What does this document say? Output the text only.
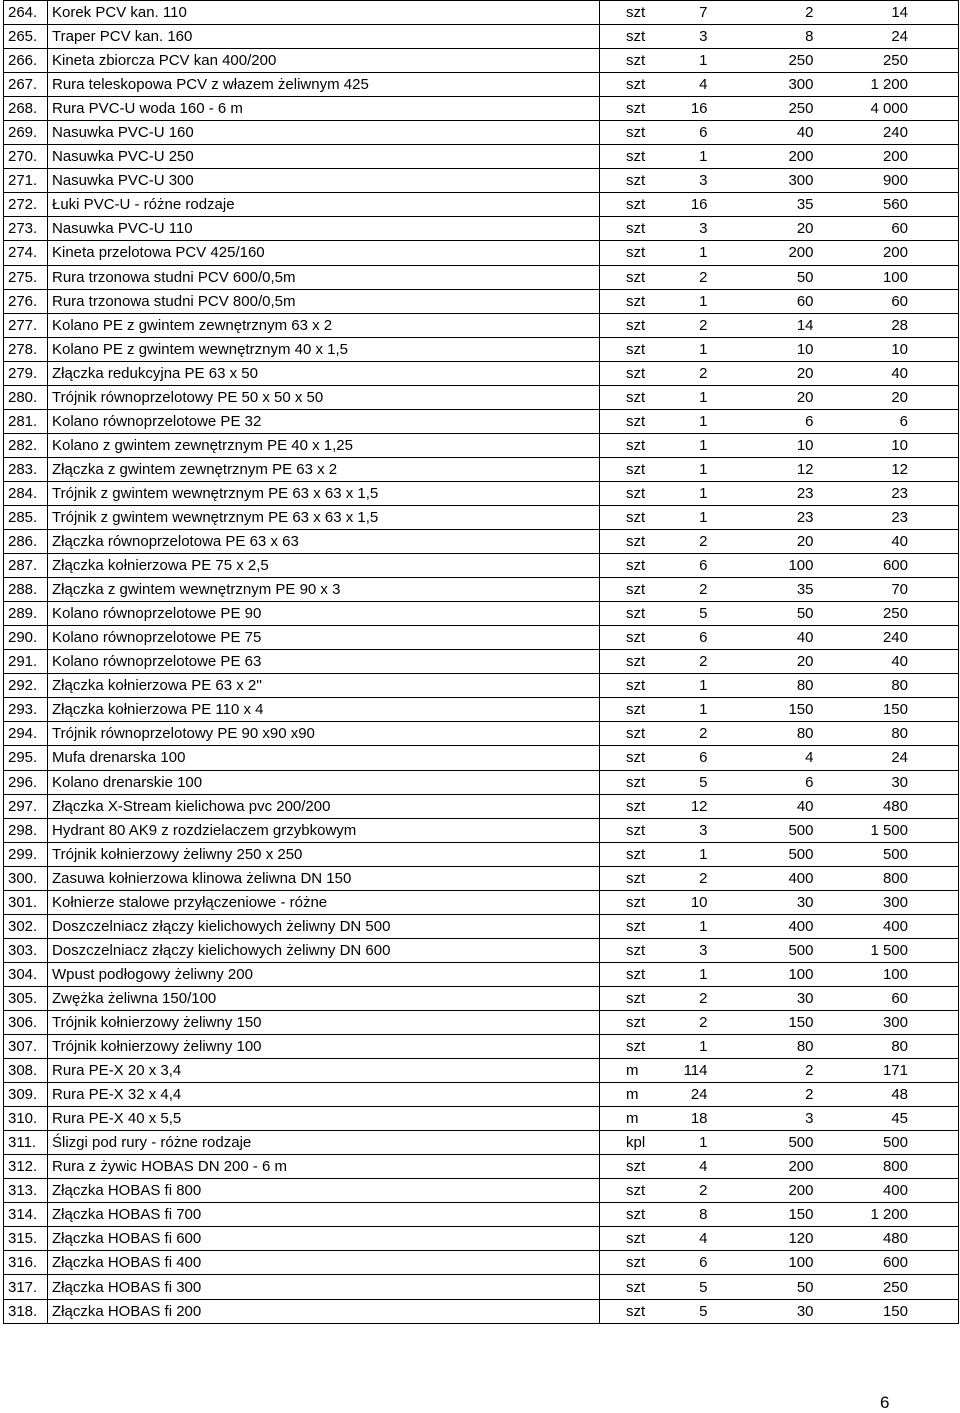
264.	Korek PCV kan. 110	szt	7	2	14
265.	Traper PCV kan. 160	szt	3	8	24
266.	Kineta zbiorcza PCV kan 400/200	szt	1	250	250
267.	Rura teleskopowa PCV z włazem żeliwnym 425	szt	4	300	1 200
268.	Rura PVC-U woda 160 - 6 m	szt	16	250	4 000
269.	Nasuwka PVC-U 160	szt	6	40	240
270.	Nasuwka PVC-U 250	szt	1	200	200
271.	Nasuwka PVC-U 300	szt	3	300	900
272.	Łuki PVC-U - różne rodzaje	szt	16	35	560
273.	Nasuwka PVC-U 110	szt	3	20	60
274.	Kineta przelotowa PCV 425/160	szt	1	200	200
275.	Rura trzonowa studni PCV 600/0,5m	szt	2	50	100
276.	Rura trzonowa studni PCV 800/0,5m	szt	1	60	60
277.	Kolano PE z gwintem zewnętrznym 63 x 2	szt	2	14	28
278.	Kolano PE z gwintem wewnętrznym 40 x 1,5	szt	1	10	10
279.	Złączka redukcyjna PE 63 x 50	szt	2	20	40
280.	Trójnik równoprzelotowy PE 50 x 50 x 50	szt	1	20	20
281.	Kolano równoprzelotowe PE 32	szt	1	6	6
282.	Kolano z gwintem zewnętrznym PE 40 x 1,25	szt	1	10	10
283.	Złączka z gwintem zewnętrznym PE 63 x 2	szt	1	12	12
284.	Trójnik z gwintem wewnętrznym PE 63 x 63 x 1,5	szt	1	23	23
285.	Trójnik z gwintem wewnętrznym PE 63 x 63 x 1,5	szt	1	23	23
286.	Złączka równoprzelotowa PE 63 x 63	szt	2	20	40
287.	Złączka kołnierzowa PE 75 x 2,5	szt	6	100	600
288.	Złączka z gwintem wewnętrznym PE 90 x 3	szt	2	35	70
289.	Kolano równoprzelotowe PE 90	szt	5	50	250
290.	Kolano równoprzelotowe PE 75	szt	6	40	240
291.	Kolano równoprzelotowe PE 63	szt	2	20	40
292.	Złączka kołnierzowa PE 63 x 2''	szt	1	80	80
293.	Złączka kołnierzowa PE 110 x 4	szt	1	150	150
294.	Trójnik równoprzelotowy PE 90 x90 x90	szt	2	80	80
295.	Mufa drenarska 100	szt	6	4	24
296.	Kolano drenarskie 100	szt	5	6	30
297.	Złączka X-Stream kielichowa pvc 200/200	szt	12	40	480
298.	Hydrant 80 AK9 z rozdzielaczem grzybkowym	szt	3	500	1 500
299.	Trójnik kołnierzowy żeliwny 250 x 250	szt	1	500	500
300.	Zasuwa kołnierzowa klinowa żeliwna DN 150	szt	2	400	800
301.	Kołnierze stalowe przyłączeniowe - różne	szt	10	30	300
302.	Doszczelniacz złączy kielichowych żeliwny DN 500	szt	1	400	400
303.	Doszczelniacz złączy kielichowych żeliwny DN 600	szt	3	500	1 500
304.	Wpust podłogowy żeliwny 200	szt	1	100	100
305.	Zwężka żeliwna 150/100	szt	2	30	60
306.	Trójnik kołnierzowy żeliwny 150	szt	2	150	300
307.	Trójnik kołnierzowy żeliwny 100	szt	1	80	80
308.	Rura PE-X 20 x 3,4	m	114	2	171
309.	Rura PE-X 32 x 4,4	m	24	2	48
310.	Rura PE-X 40 x 5,5	m	18	3	45
311.	Ślizgi pod rury - różne rodzaje	kpl	1	500	500
312.	Rura z żywic HOBAS DN 200 - 6 m	szt	4	200	800
313.	Złączka HOBAS fi 800	szt	2	200	400
314.	Złączka HOBAS fi 700	szt	8	150	1 200
315.	Złączka HOBAS fi 600	szt	4	120	480
316.	Złączka HOBAS fi 400	szt	6	100	600
317.	Złączka HOBAS fi 300	szt	5	50	250
318.	Złączka HOBAS fi 200	szt	5	30	150
6
